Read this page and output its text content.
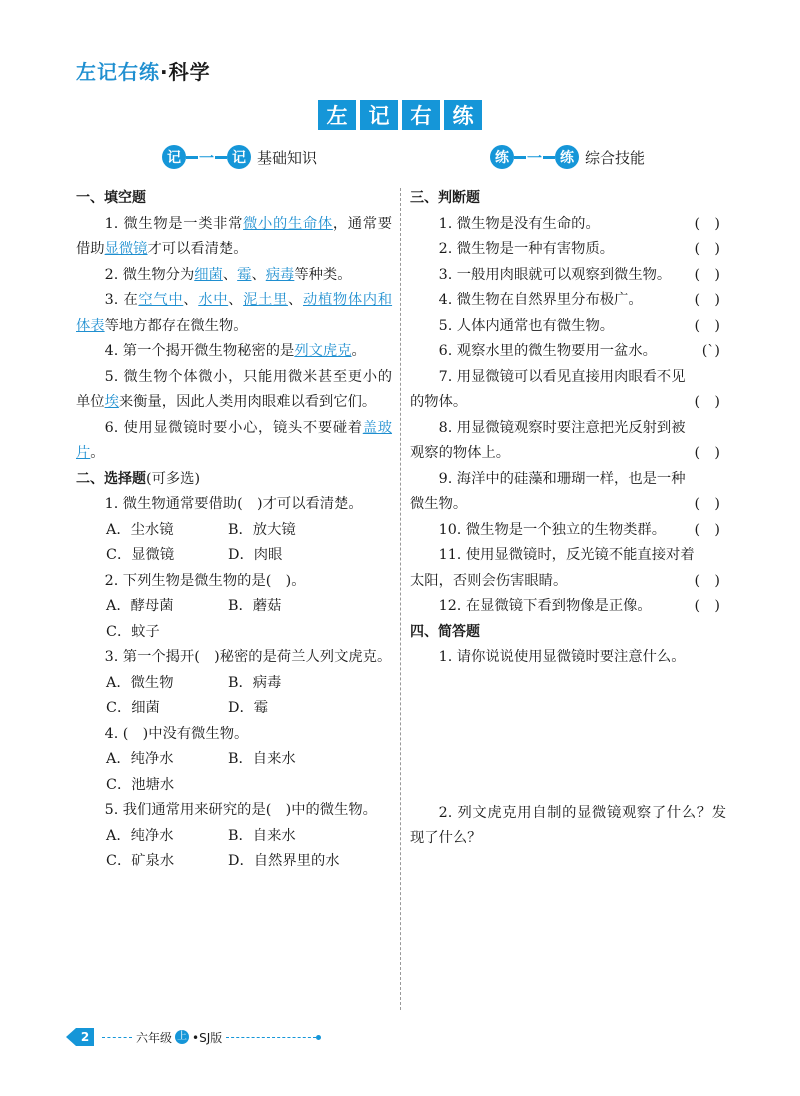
左记右练·科学
左	记	右	练
记	一	记 基础知识	练	一	练 综合技能
一、填空题
1. 微生物是一类非常微小的生命体，通常要借助显微镜才可以看清楚。
2. 微生物分为细菌、霉、病毒等种类。
3. 在空气中、水中、泥土里、动植物体内和体表等地方都存在微生物。
4. 第一个揭开微生物秘密的是列文虎克。
5. 微生物个体微小，只能用微米甚至更小的单位埃来衡量，因此人类用肉眼难以看到它们。
6. 使用显微镜时要小心，镜头不要碰着盖玻片。
二、选择题(可多选)
1. 微生物通常要借助(　)才可以看清楚。
A．尘水镜	B．放大镜
C．显微镜	D．肉眼
2. 下列生物是微生物的是(　)。
A．酵母菌	B．蘑菇
C．蚊子
3. 第一个揭开(　)秘密的是荷兰人列文虎克。
A．微生物	B．病毒
C．细菌	D．霉
4. (　)中没有微生物。
A．纯净水	B．自来水
C．池塘水
5. 我们通常用来研究的是(　)中的微生物。
A．纯净水	B．自来水
C．矿泉水	D．自然界里的水
三、判断题
1. 微生物是没有生命的。	(　)
2. 微生物是一种有害物质。	(　)
3. 一般用肉眼就可以观察到微生物。 (　)
4. 微生物在自然界里分布极广。	(　)
5. 人体内通常也有微生物。	(　)
6. 观察水里的微生物要用一盆水。	(`)
7. 用显微镜可以看见直接用肉眼看不见
的物体。	(　)
8. 用显微镜观察时要注意把光反射到被
观察的物体上。	(　)
9. 海洋中的硅藻和珊瑚一样，也是一种
微生物。	(　)
10. 微生物是一个独立的生物类群。 (　)
11. 使用显微镜时，反光镜不能直接对着
太阳，否则会伤害眼睛。	(　)
12. 在显微镜下看到物像是正像。	(　)
四、简答题
1. 请你说说使用显微镜时要注意什么。
2. 列文虎克用自制的显微镜观察了什么？发现了什么？
2	六年级 上 •SJ版
